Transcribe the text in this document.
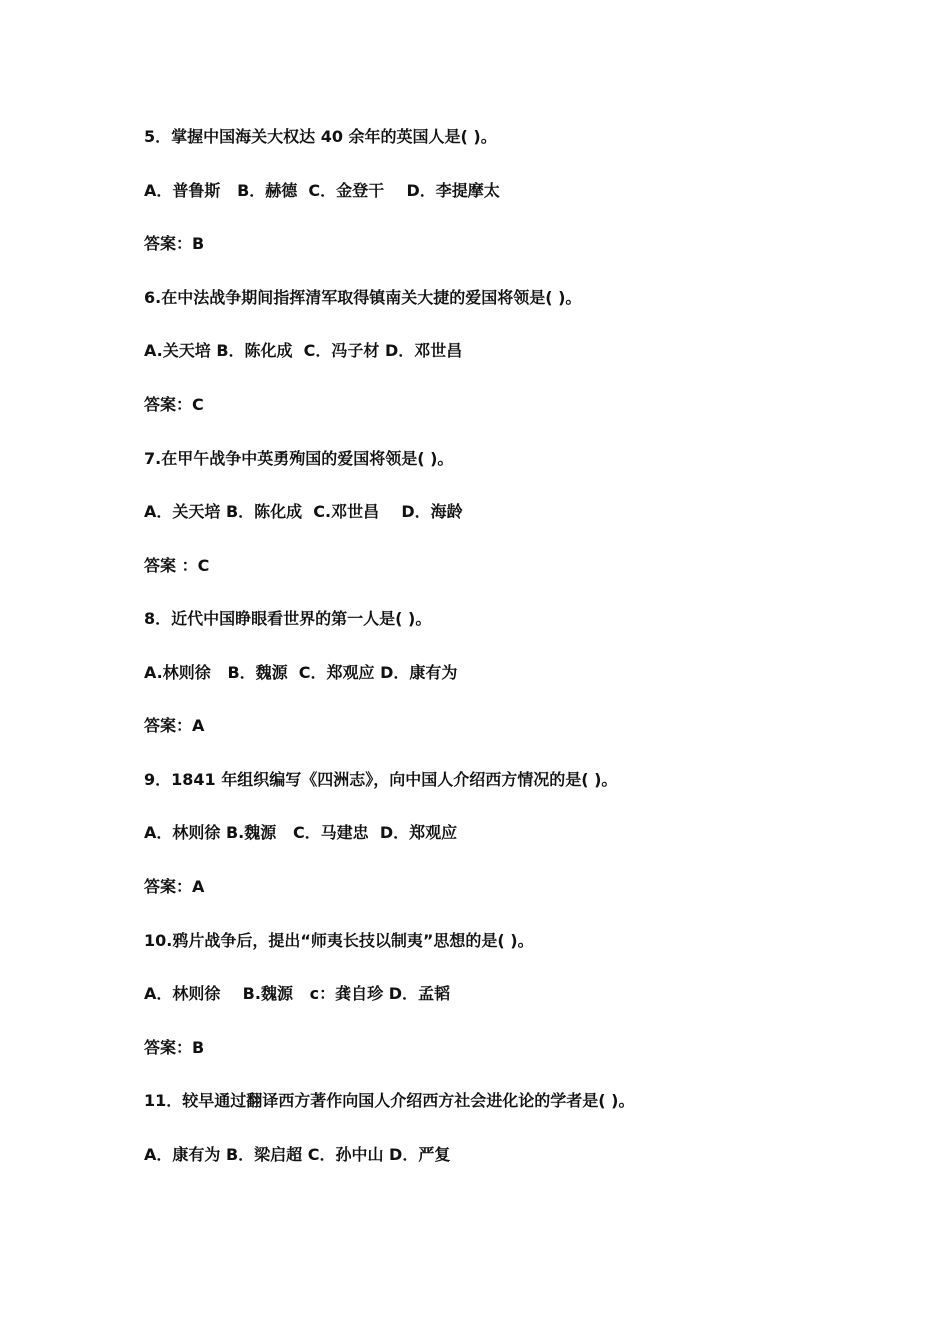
5．掌握中国海关大权达 40 余年的英国人是( )。

A．普鲁斯   B．赫德  C．金登干    D．李提摩太

答案：B

6.在中法战争期间指挥清军取得镇南关大捷的爱国将领是( )。

A.关天培 B．陈化成  C．冯子材 D．邓世昌

答案：C

7.在甲午战争中英勇殉国的爱国将领是( )。

A．关天培 B．陈化成  C.邓世昌    D．海龄

答案 ：C

8．近代中国睁眼看世界的第一人是( )。

A.林则徐   B．魏源  C．郑观应 D．康有为

答案：A

9．1841 年组织编写《四洲志》，向中国人介绍西方情况的是( )。

A．林则徐 B.魏源   C．马建忠  D．郑观应

答案：A

10.鸦片战争后，提出“师夷长技以制夷”思想的是( )。

A．林则徐    B.魏源   c：龚自珍 D．孟韬

答案：B

11．较早通过翻译西方著作向国人介绍西方社会进化论的学者是( )。

A．康有为 B．梁启超 C．孙中山 D．严复
